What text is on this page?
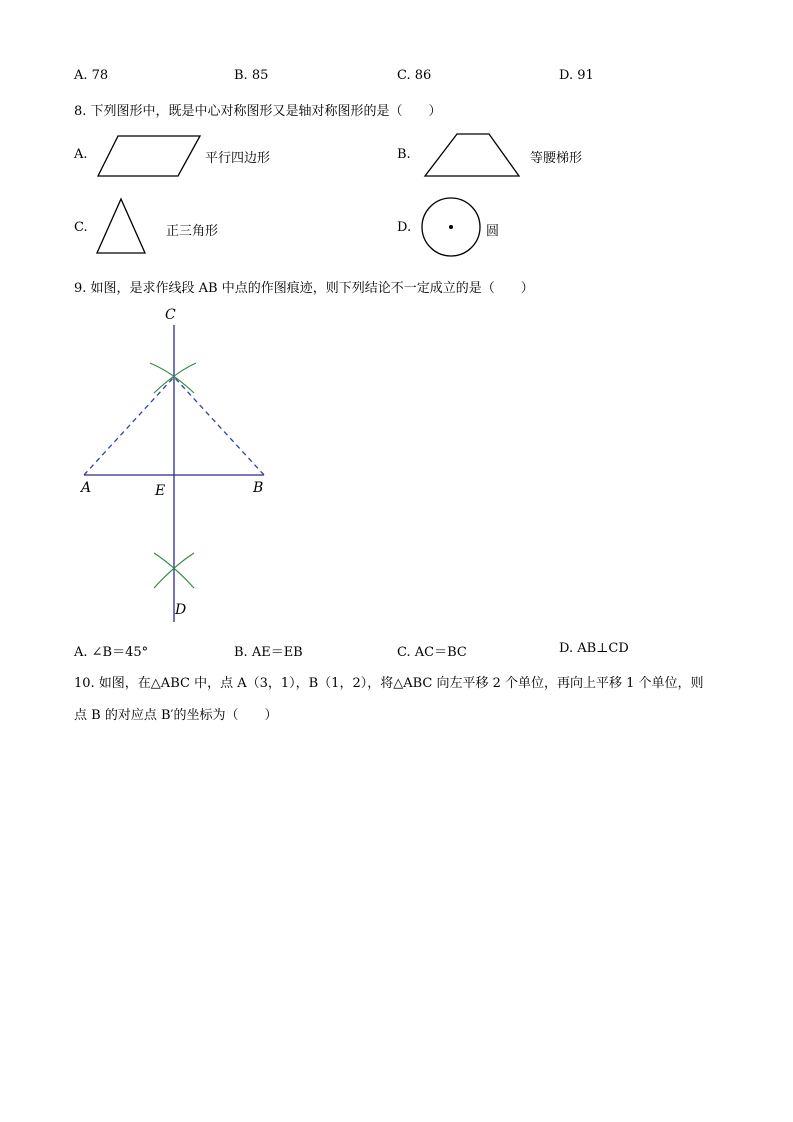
A. 78	B. 85	C. 86	D. 91
8. 下列图形中，既是中心对称图形又是轴对称图形的是（　　）
A.	平行四边形	B.	等腰梯形
C.	正三角形	D.	圆
9. 如图，是求作线段 AB 中点的作图痕迹，则下列结论不一定成立的是（　　）
C
A	E	B
D
A. ∠B＝45°	B. AE＝EB	C. AC＝BC	D. AB⊥CD
10. 如图，在△ABC 中，点 A（3，1），B（1，2），将△ABC 向左平移 2 个单位，再向上平移 1 个单位，则
点 B 的对应点 B′的坐标为（　　）
